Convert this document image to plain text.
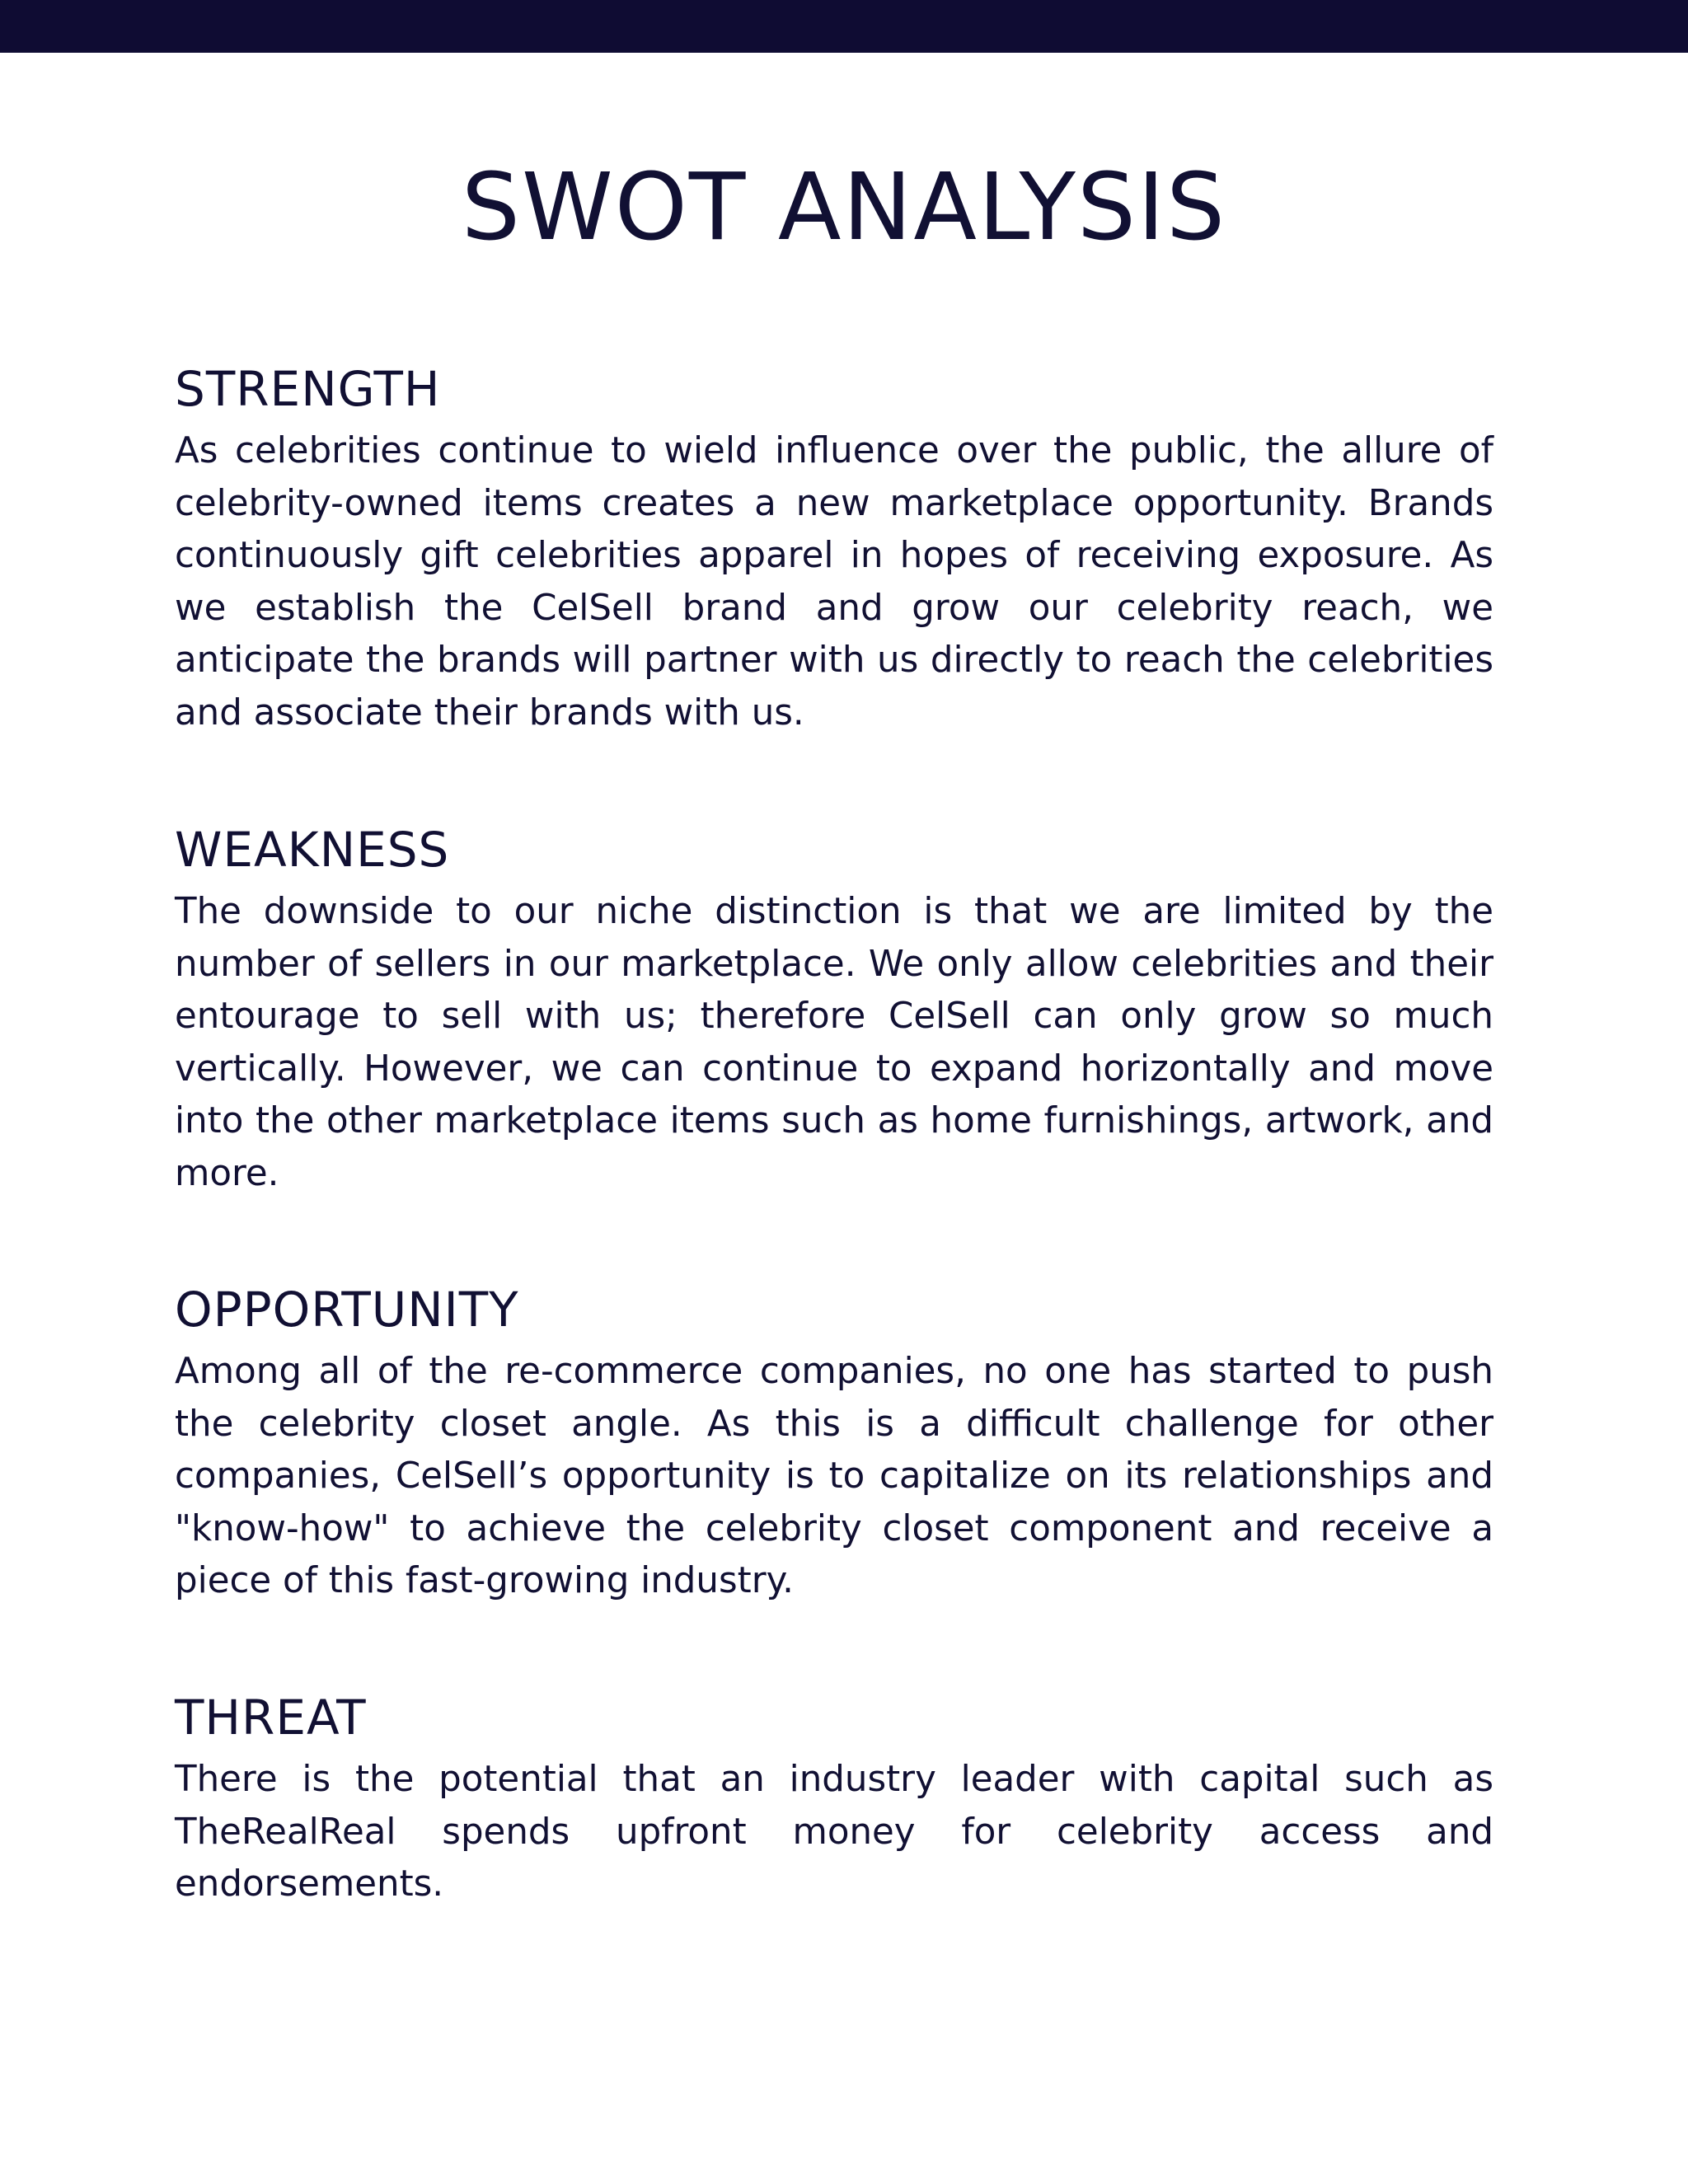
SWOT ANALYSIS
STRENGTH

As celebrities continue to wield influence over the public, the allure of celebrity-owned items creates a new marketplace opportunity. Brands continuously gift celebrities apparel in hopes of receiving exposure. As we establish the CelSell brand and grow our celebrity reach, we anticipate the brands will partner with us directly to reach the celebrities and associate their brands with us.

WEAKNESS

The downside to our niche distinction is that we are limited by the number of sellers in our marketplace. We only allow celebrities and their entourage to sell with us; therefore CelSell can only grow so much vertically. However, we can continue to expand horizontally and move into the other marketplace items such as home furnishings, artwork, and more.

OPPORTUNITY

Among all of the re-commerce companies, no one has started to push the celebrity closet angle. As this is a difficult challenge for other companies, CelSell’s opportunity is to capitalize on its relationships and "know-how" to achieve the celebrity closet component and receive a piece of this fast-growing industry.

THREAT

There is the potential that an industry leader with capital such as TheRealReal spends upfront money for celebrity access and endorsements.
